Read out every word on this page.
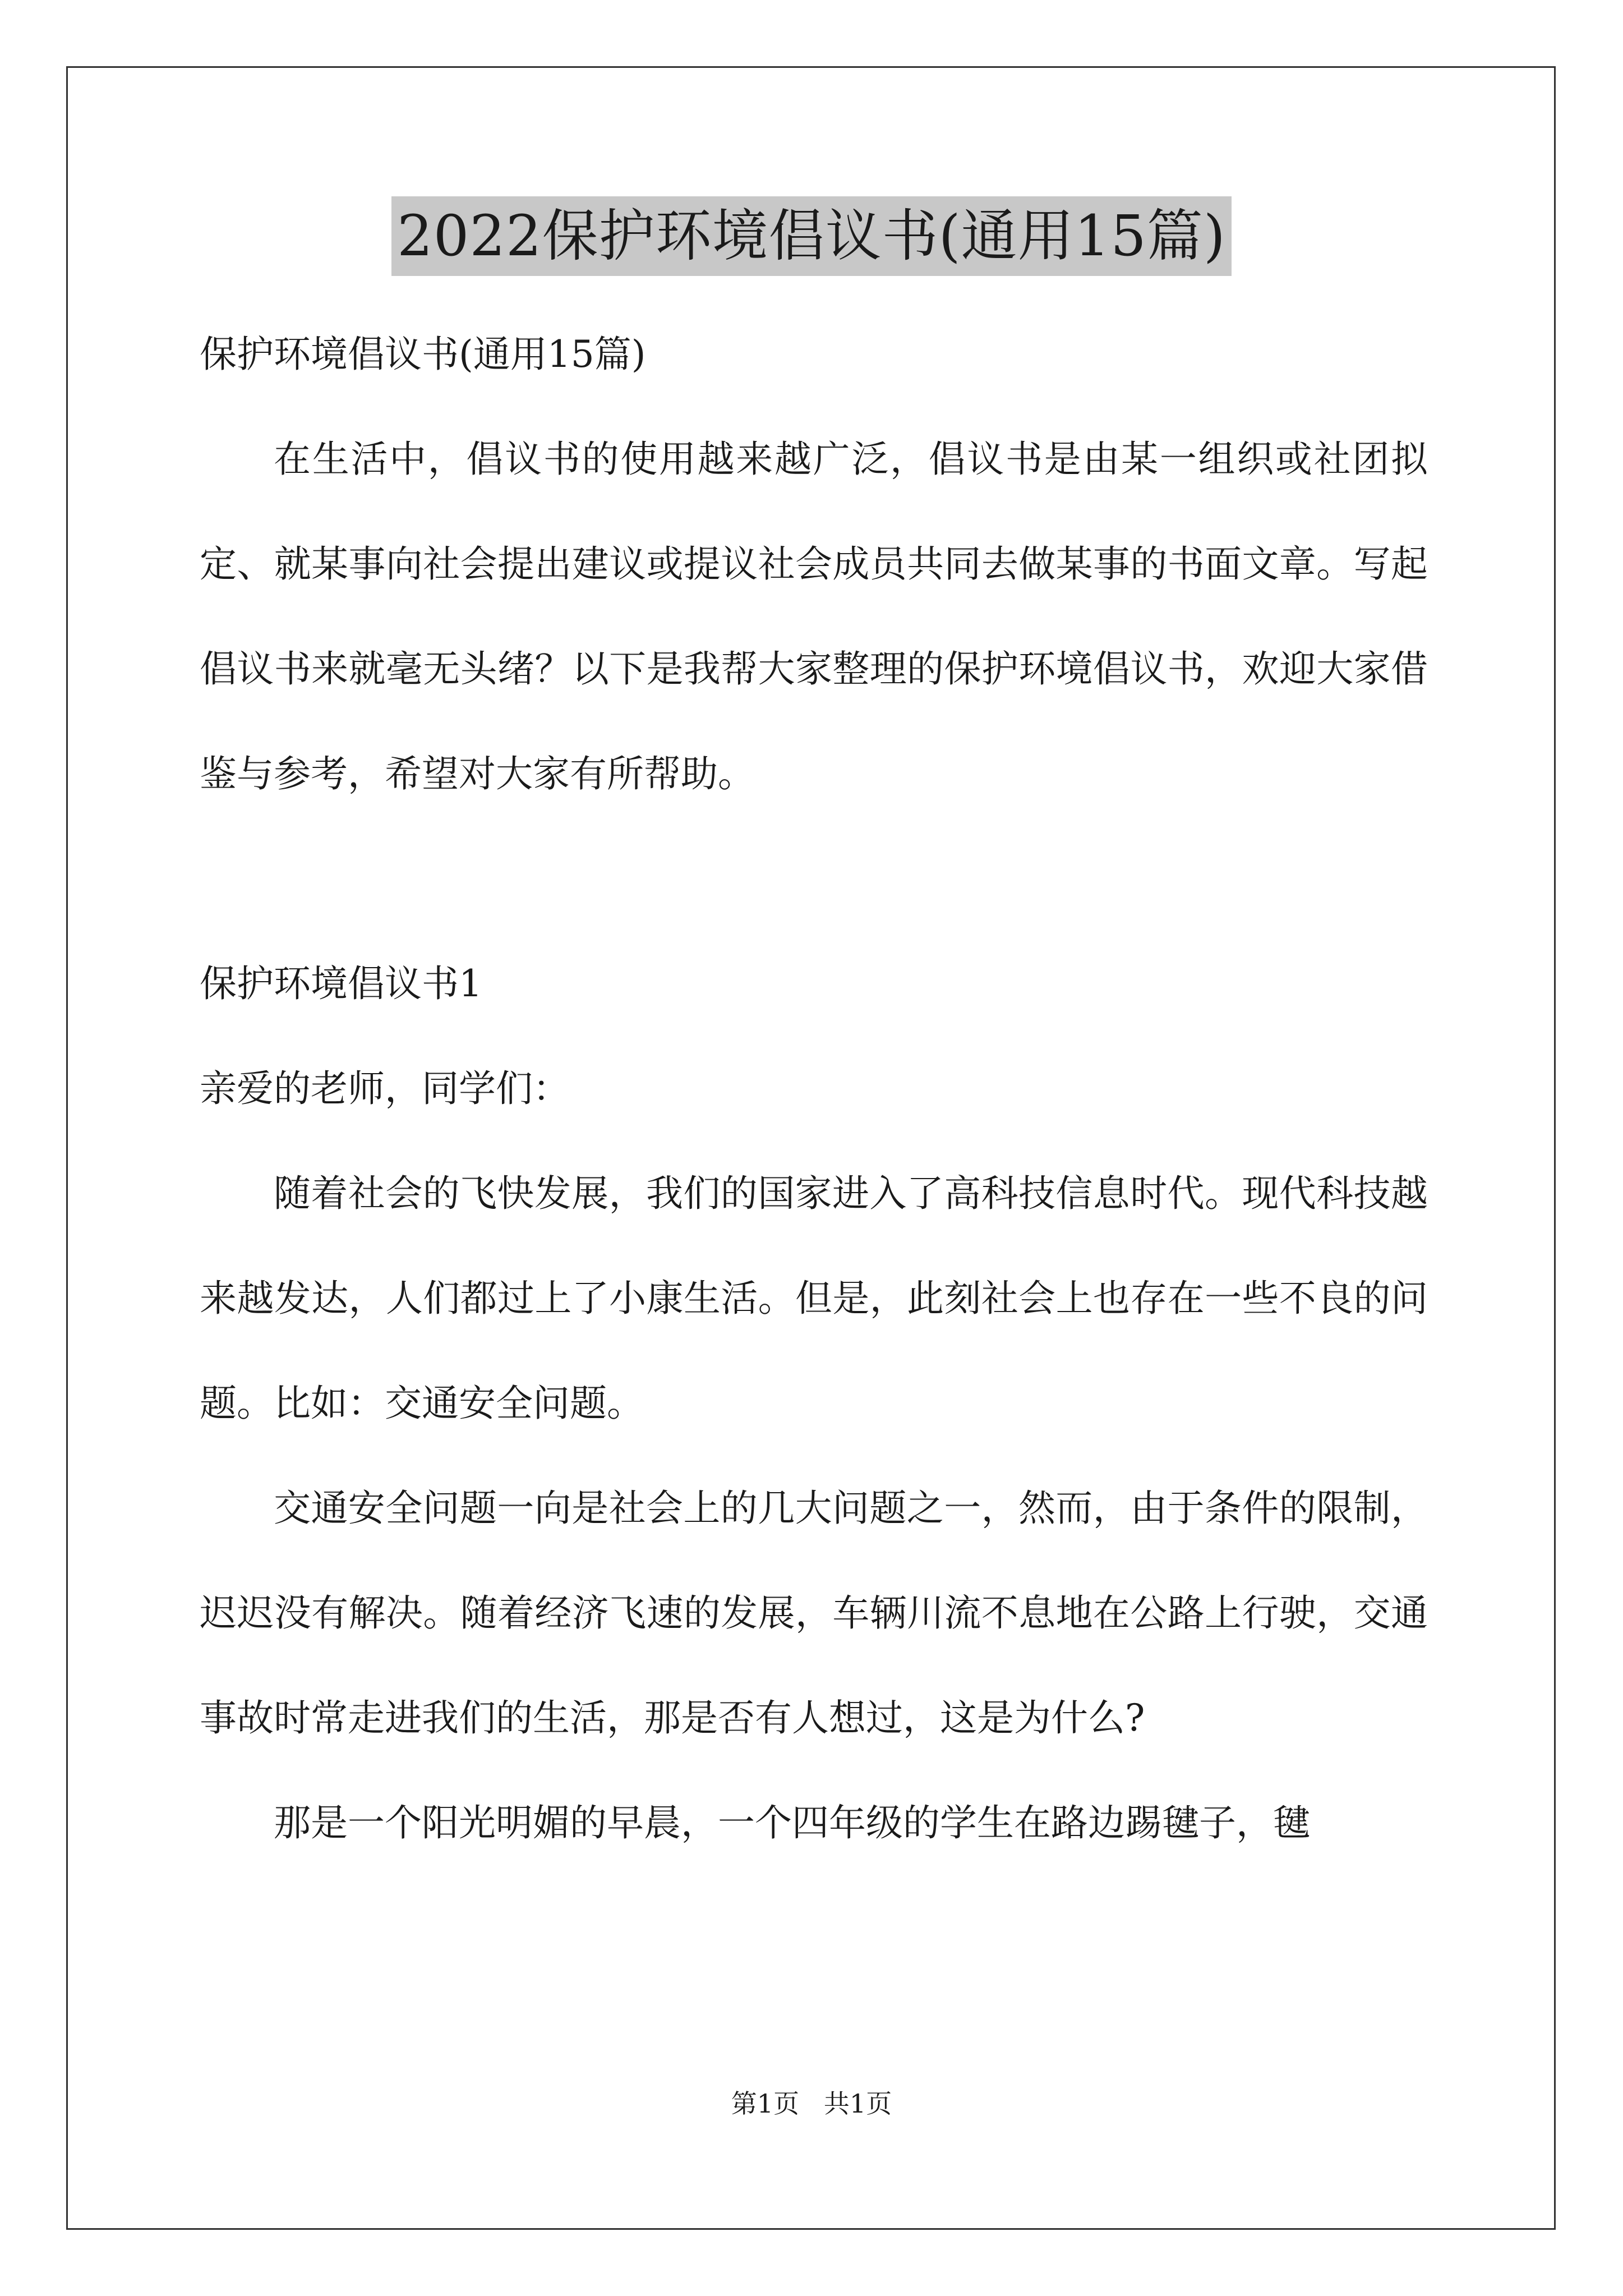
2022保护环境倡议书(通用15篇)

保护环境倡议书(通用15篇)

在生活中，倡议书的使用越来越广泛，倡议书是由某一组织或社团拟定、就某事向社会提出建议或提议社会成员共同去做某事的书面文章。写起倡议书来就毫无头绪？以下是我帮大家整理的保护环境倡议书，欢迎大家借鉴与参考，希望对大家有所帮助。

保护环境倡议书1

亲爱的老师，同学们：

随着社会的飞快发展，我们的国家进入了高科技信息时代。现代科技越来越发达，人们都过上了小康生活。但是，此刻社会上也存在一些不良的问题。比如：交通安全问题。

交通安全问题一向是社会上的几大问题之一，然而，由于条件的限制，迟迟没有解决。随着经济飞速的发展，车辆川流不息地在公路上行驶，交通事故时常走进我们的生活，那是否有人想过，这是为什么?

那是一个阳光明媚的早晨，一个四年级的学生在路边踢毽子，毽

第1页   共1页
